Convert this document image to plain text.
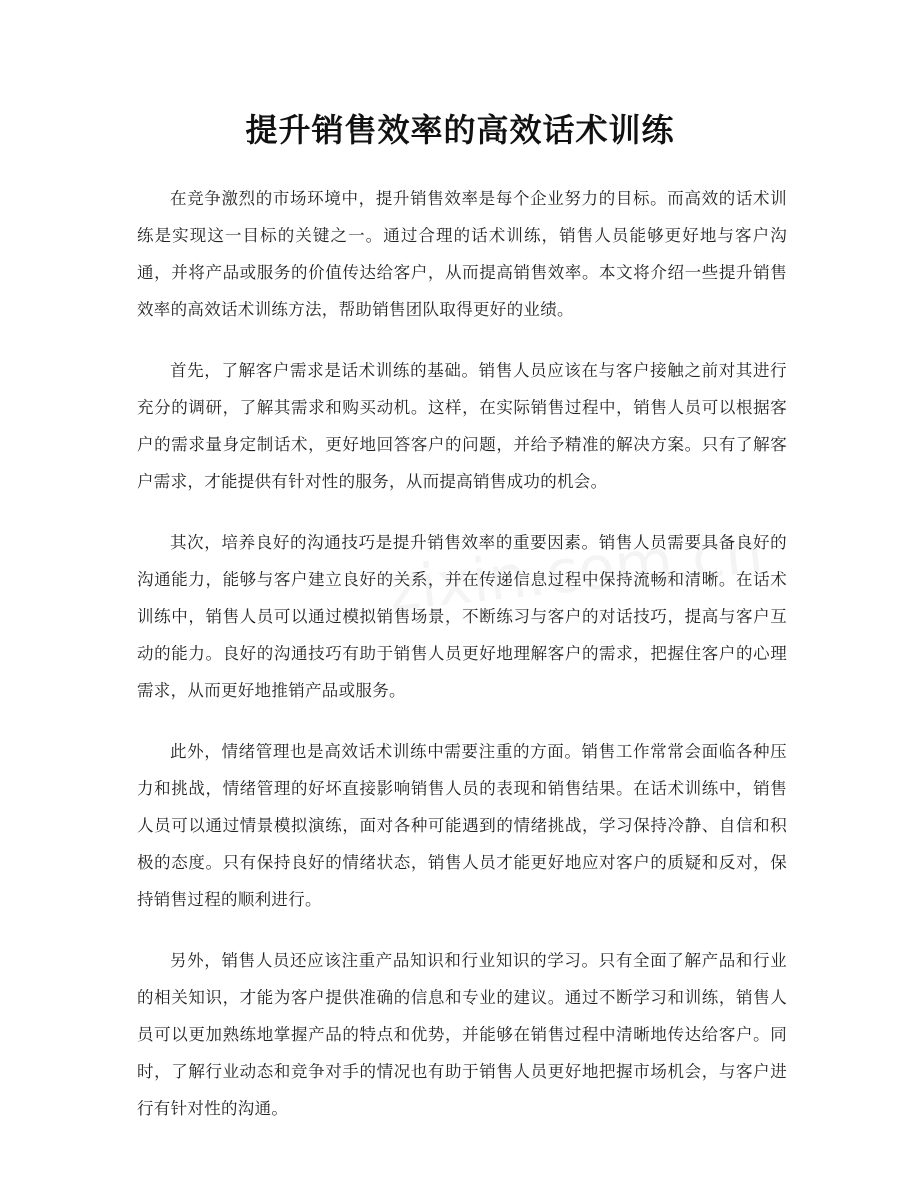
提升销售效率的高效话术训练

在竞争激烈的市场环境中，提升销售效率是每个企业努力的目标。而高效的话术训练是实现这一目标的关键之一。通过合理的话术训练，销售人员能够更好地与客户沟通，并将产品或服务的价值传达给客户，从而提高销售效率。本文将介绍一些提升销售效率的高效话术训练方法，帮助销售团队取得更好的业绩。

首先，了解客户需求是话术训练的基础。销售人员应该在与客户接触之前对其进行充分的调研，了解其需求和购买动机。这样，在实际销售过程中，销售人员可以根据客户的需求量身定制话术，更好地回答客户的问题，并给予精准的解决方案。只有了解客户需求，才能提供有针对性的服务，从而提高销售成功的机会。

其次，培养良好的沟通技巧是提升销售效率的重要因素。销售人员需要具备良好的沟通能力，能够与客户建立良好的关系，并在传递信息过程中保持流畅和清晰。在话术训练中，销售人员可以通过模拟销售场景，不断练习与客户的对话技巧，提高与客户互动的能力。良好的沟通技巧有助于销售人员更好地理解客户的需求，把握住客户的心理需求，从而更好地推销产品或服务。

此外，情绪管理也是高效话术训练中需要注重的方面。销售工作常常会面临各种压力和挑战，情绪管理的好坏直接影响销售人员的表现和销售结果。在话术训练中，销售人员可以通过情景模拟演练，面对各种可能遇到的情绪挑战，学习保持冷静、自信和积极的态度。只有保持良好的情绪状态，销售人员才能更好地应对客户的质疑和反对，保持销售过程的顺利进行。

另外，销售人员还应该注重产品知识和行业知识的学习。只有全面了解产品和行业的相关知识，才能为客户提供准确的信息和专业的建议。通过不断学习和训练，销售人员可以更加熟练地掌握产品的特点和优势，并能够在销售过程中清晰地传达给客户。同时，了解行业动态和竞争对手的情况也有助于销售人员更好地把握市场机会，与客户进行有针对性的沟通。
